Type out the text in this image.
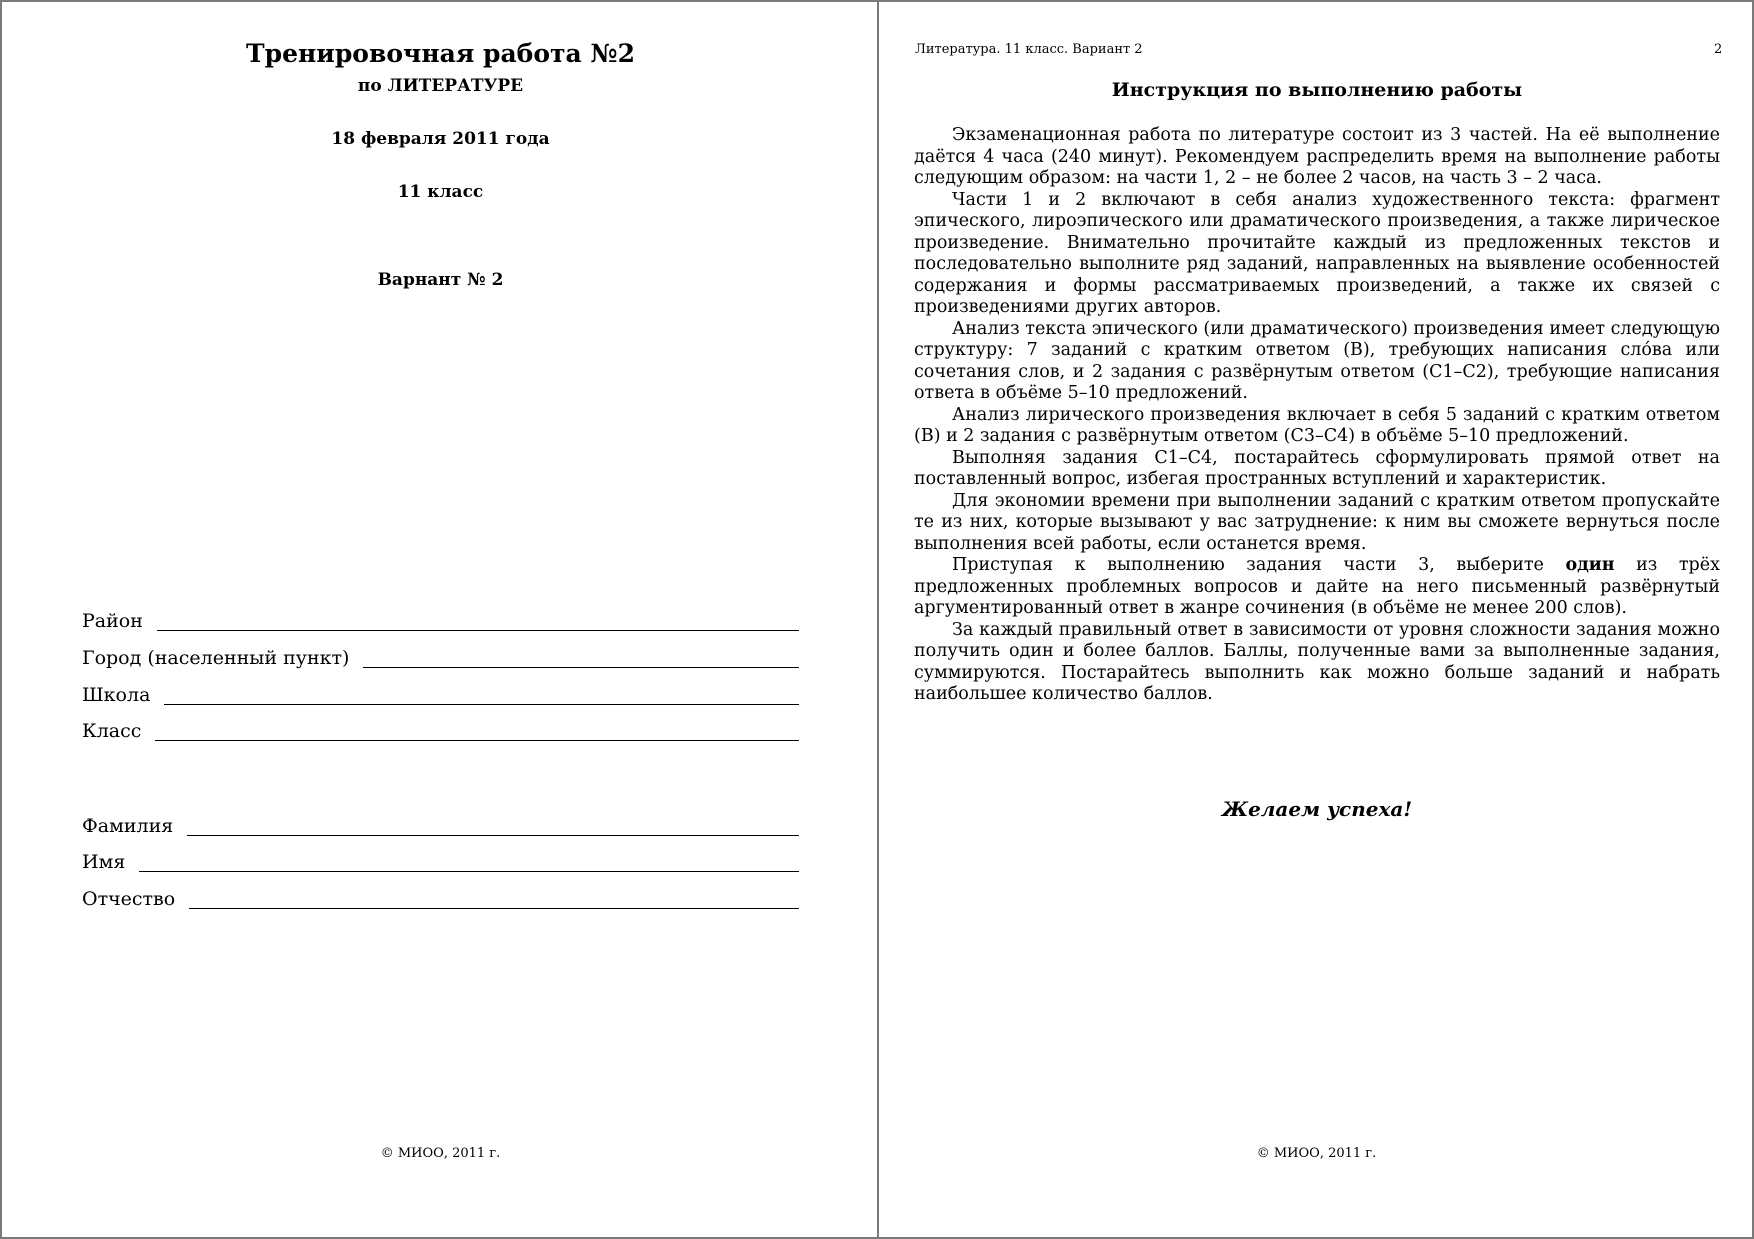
Тренировочная работа №2
по ЛИТЕРАТУРЕ
18 февраля 2011 года
11 класс
Варнант № 2
Район
Город (населенный пункт)
Школа
Класс
Фамилия
Имя
Отчество
© МИОО, 2011 г.
Литература. 11 класс. Вариант 2	2
Инструкция по выполнению работы

Экзаменационная работа по литературе состоит из 3 частей. На её выполнение даётся 4 часа (240 минут). Рекомендуем распределить время на выполнение работы следующим образом: на части 1, 2 – не более 2 часов, на часть 3 – 2 часа.

Части 1 и 2 включают в себя анализ художественного текста: фрагмент эпического, лироэпического или драматического произведения, а также лирическое произведение. Внимательно прочитайте каждый из предложенных текстов и последовательно выполните ряд заданий, направленных на выявление особенностей содержания и формы рассматриваемых произведений, а также их связей с произведениями других авторов.

Анализ текста эпического (или драматического) произведения имеет следующую структуру: 7 заданий с кратким ответом (В), требующих написания сло́ва или сочетания слов, и 2 задания с развёрнутым ответом (С1–С2), требующие написания ответа в объёме 5–10 предложений.

Анализ лирического произведения включает в себя 5 заданий с кратким ответом (В) и 2 задания с развёрнутым ответом (С3–С4) в объёме 5–10 предложений.

Выполняя задания С1–С4, постарайтесь сформулировать прямой ответ на поставленный вопрос, избегая пространных вступлений и характеристик.

Для экономии времени при выполнении заданий с кратким ответом пропускайте те из них, которые вызывают у вас затруднение: к ним вы сможете вернуться после выполнения всей работы, если останется время.

Приступая к выполнению задания части 3, выберите один из трёх предложенных проблемных вопросов и дайте на него письменный развёрнутый аргументированный ответ в жанре сочинения (в объёме не менее 200 слов).

За каждый правильный ответ в зависимости от уровня сложности задания можно получить один и более баллов. Баллы, полученные вами за выполненные задания, суммируются. Постарайтесь выполнить как можно больше заданий и набрать наибольшее количество баллов.

Желаем успеха!
© МИОО, 2011 г.
